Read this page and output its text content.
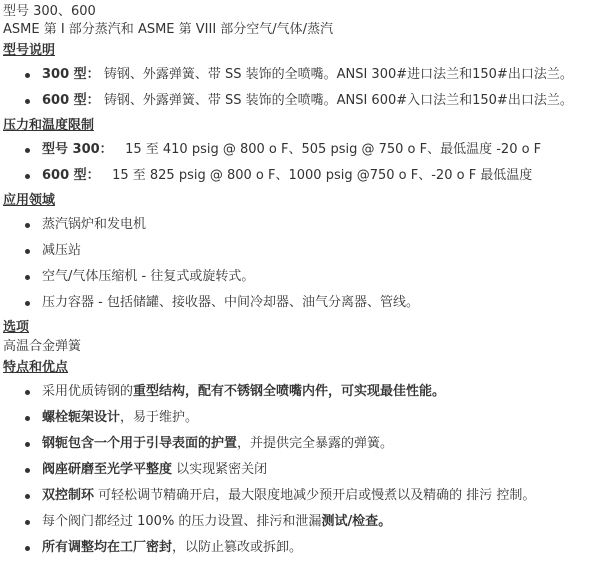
型号 300、600
ASME 第 I 部分蒸汽和 ASME 第 VIII 部分空气/气体/蒸汽
型号说明
300 型： 铸钢、外露弹簧、带 SS 装饰的全喷嘴。ANSI 300#进口法兰和150#出口法兰。
600 型： 铸钢、外露弹簧、带 SS 装饰的全喷嘴。ANSI 600#入口法兰和150#出口法兰。
压力和温度限制
型号 300： 15 至 410 psig @ 800 o F、505 psig @ 750 o F、最低温度 -20 o F
600 型： 15 至 825 psig @ 800 o F、1000 psig @750 o F、-20 o F 最低温度
应用领域
蒸汽锅炉和发电机
减压站
空气/气体压缩机 - 往复式或旋转式。
压力容器 - 包括储罐、接收器、中间冷却器、油气分离器、管线。
选项
高温合金弹簧
特点和优点
采用优质铸钢的重型结构，配有不锈钢全喷嘴内件，可实现最佳性能。
螺栓轭架设计，易于维护。
钢轭包含一个用于引导表面的护置，并提供完全暴露的弹簧。
阀座研磨至光学平整度 以实现紧密关闭
双控制环 可轻松调节精确开启，最大限度地减少预开启或慢煮以及精确的 排污 控制。
每个阀门都经过 100% 的压力设置、排污和泄漏测试/检查。
所有调整均在工厂密封，以防止篡改或拆卸。
